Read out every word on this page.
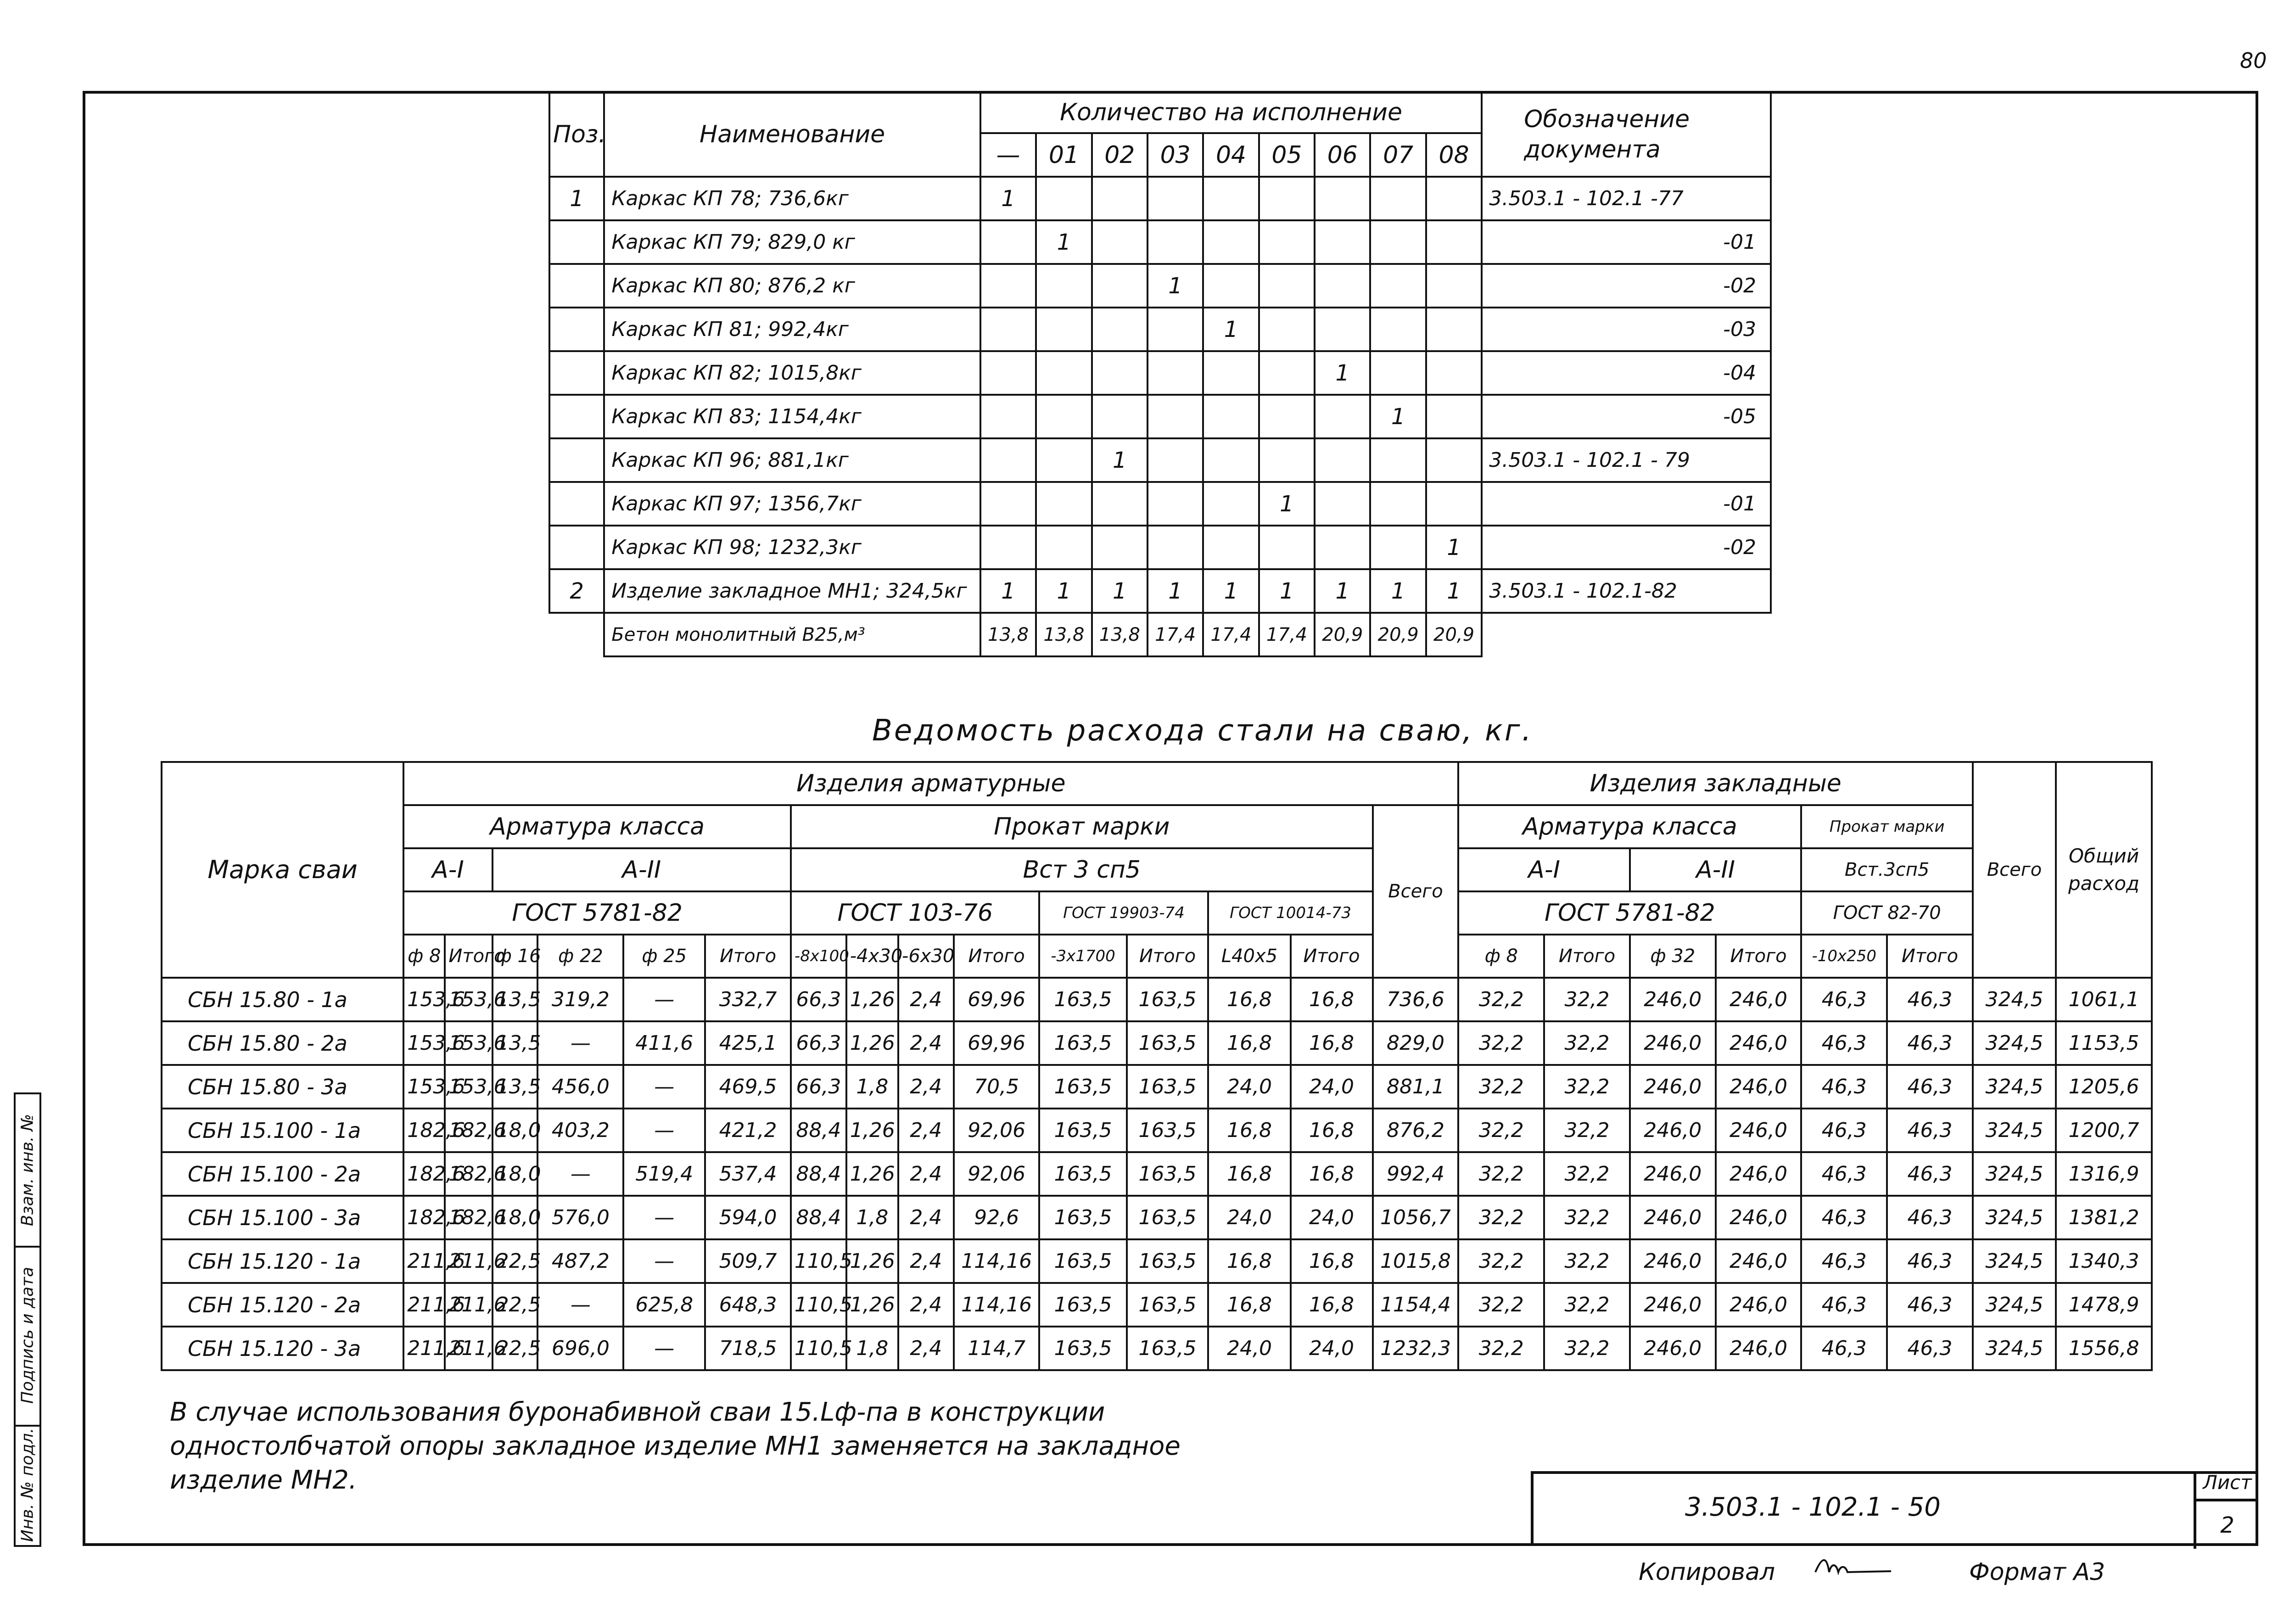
80
Поз.	Наименование	Количество на исполнение									Обозначение документа
		—	01	02	03	04	05	06	07	08	
1	Каркас КП 78; 736,6кг	1									3.503.1 - 102.1 -77
	Каркас КП 79; 829,0 кг		1								-01
	Каркас КП 80; 876,2 кг				1						-02
	Каркас КП 81; 992,4кг					1					-03
	Каркас КП 82; 1015,8кг							1			-04
	Каркас КП 83; 1154,4кг								1		-05
	Каркас КП 96; 881,1кг			1							3.503.1 - 102.1 - 79
	Каркас КП 97; 1356,7кг						1				-01
	Каркас КП 98; 1232,3кг									1	-02
2	Изделие закладное МН1; 324,5кг	1	1	1	1	1	1	1	1	1	3.503.1 - 102.1-82
	Бетон монолитный В25,м³	13,8	13,8	13,8	17,4	17,4	17,4	20,9	20,9	20,9	
Ведомость расхода стали на сваю, кг.
Марка сваи	Изделия арматурные															Изделия закладные						Всего	Общий расход
	Арматура класса						Прокат марки								Всего	Арматура класса				Прокат марки			
	А-I		А-II				Вст 3 сп5									А-I		А-II		Вст.3сп5			
	ГОСТ 5781-82						ГОСТ 103-76				ГОСТ 19903-74		ГОСТ 10014-73			ГОСТ 5781-82				ГОСТ 82-70			
	ф 8	Итого	ф 16	ф 22	ф 25	Итого	-8х100	-4х30	-6х30	Итого	-3х1700	Итого	L40х5	Итого		ф 8	Итого	ф 32	Итого	-10х250	Итого		
СБН 15.80 - 1а	153,6	153,6	13,5	319,2	—	332,7	66,3	1,26	2,4	69,96	163,5	163,5	16,8	16,8	736,6	32,2	32,2	246,0	246,0	46,3	46,3	324,5	1061,1
СБН 15.80 - 2а	153,6	153,6	13,5	—	411,6	425,1	66,3	1,26	2,4	69,96	163,5	163,5	16,8	16,8	829,0	32,2	32,2	246,0	246,0	46,3	46,3	324,5	1153,5
СБН 15.80 - 3а	153,6	153,6	13,5	456,0	—	469,5	66,3	1,8	2,4	70,5	163,5	163,5	24,0	24,0	881,1	32,2	32,2	246,0	246,0	46,3	46,3	324,5	1205,6
СБН 15.100 - 1а	182,6	182,6	18,0	403,2	—	421,2	88,4	1,26	2,4	92,06	163,5	163,5	16,8	16,8	876,2	32,2	32,2	246,0	246,0	46,3	46,3	324,5	1200,7
СБН 15.100 - 2а	182,6	182,6	18,0	—	519,4	537,4	88,4	1,26	2,4	92,06	163,5	163,5	16,8	16,8	992,4	32,2	32,2	246,0	246,0	46,3	46,3	324,5	1316,9
СБН 15.100 - 3а	182,6	182,6	18,0	576,0	—	594,0	88,4	1,8	2,4	92,6	163,5	163,5	24,0	24,0	1056,7	32,2	32,2	246,0	246,0	46,3	46,3	324,5	1381,2
СБН 15.120 - 1а	211,6	211,6	22,5	487,2	—	509,7	110,5	1,26	2,4	114,16	163,5	163,5	16,8	16,8	1015,8	32,2	32,2	246,0	246,0	46,3	46,3	324,5	1340,3
СБН 15.120 - 2а	211,6	211,6	22,5	—	625,8	648,3	110,5	1,26	2,4	114,16	163,5	163,5	16,8	16,8	1154,4	32,2	32,2	246,0	246,0	46,3	46,3	324,5	1478,9
СБН 15.120 - 3а	211,6	211,6	22,5	696,0	—	718,5	110,5	1,8	2,4	114,7	163,5	163,5	24,0	24,0	1232,3	32,2	32,2	246,0	246,0	46,3	46,3	324,5	1556,8
В случае использования буронабивной сваи 15.Lф-па в конструкции одностолбчатой опоры закладное изделие МН1 заменяется на закладное изделие МН2.
3.503.1 - 102.1 - 50
Лист
2
Копировал	Формат А3
Взам. инв. №
Подпись и дата
Инв. № подл.
